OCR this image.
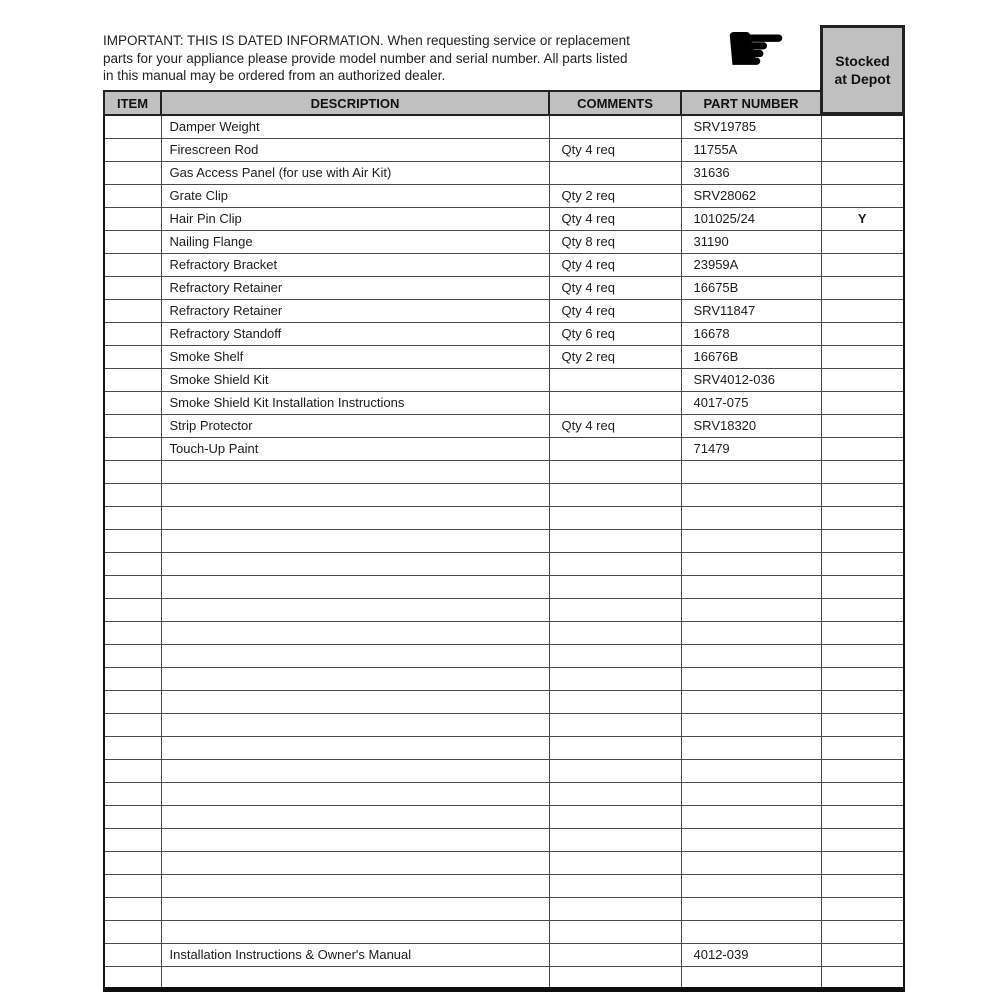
IMPORTANT: THIS IS DATED INFORMATION. When requesting service or replacement
parts for your appliance please provide model number and serial number. All parts listed
in this manual may be ordered from an authorized dealer.	☛	Stocked
at Depot
ITEM	DESCRIPTION	COMMENTS	PART NUMBER	
	Damper Weight		SRV19785	
	Firescreen Rod	Qty 4 req	11755A	
	Gas Access Panel (for use with Air Kit)		31636	
	Grate Clip	Qty 2 req	SRV28062	
	Hair Pin Clip	Qty 4 req	101025/24	Y
	Nailing Flange	Qty 8 req	31190	
	Refractory Bracket	Qty 4 req	23959A	
	Refractory Retainer	Qty 4 req	16675B	
	Refractory Retainer	Qty 4 req	SRV11847	
	Refractory Standoff	Qty 6 req	16678	
	Smoke Shelf	Qty 2 req	16676B	
	Smoke Shield Kit		SRV4012-036	
	Smoke Shield Kit Installation Instructions		4017-075	
	Strip Protector	Qty 4 req	SRV18320	
	Touch-Up Paint		71479	

	Installation Instructions & Owner's Manual		4012-039	
